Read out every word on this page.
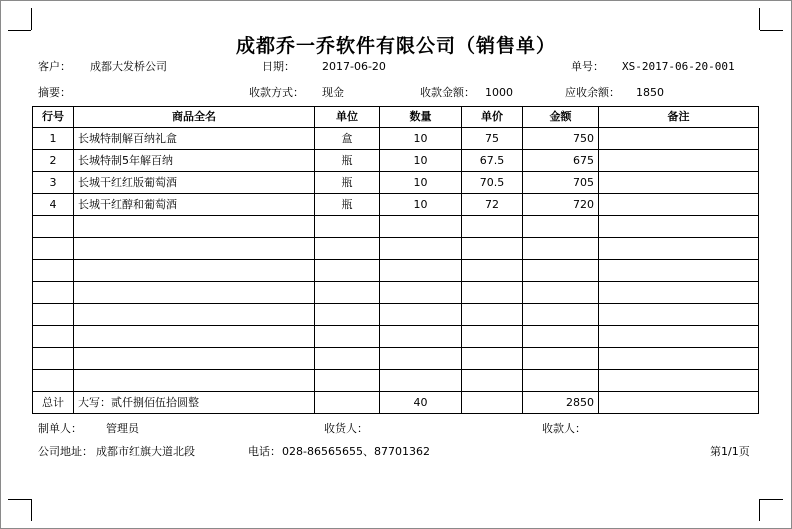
成都乔一乔软件有限公司（销售单）
客户： 成都大发桥公司	日期： 2017-06-20	单号： XS-2017-06-20-001
摘要：	收款方式： 现金	收款金额： 1000	应收余额： 1850
行号	商品全名	单位	数量	单价	金额	备注
1	长城特制解百纳礼盒	盒	10	75	750	
2	长城特制5年解百纳	瓶	10	67.5	675	
3	长城干红红版葡萄酒	瓶	10	70.5	705	
4	长城干红醇和葡萄酒	瓶	10	72	720	

总计	大写：贰仟捌佰伍拾圆整		40		2850	
制单人： 管理员	收货人：	收款人：
公司地址： 成都市红旗大道北段	电话： 028-86565655、87701362	第1/1页
